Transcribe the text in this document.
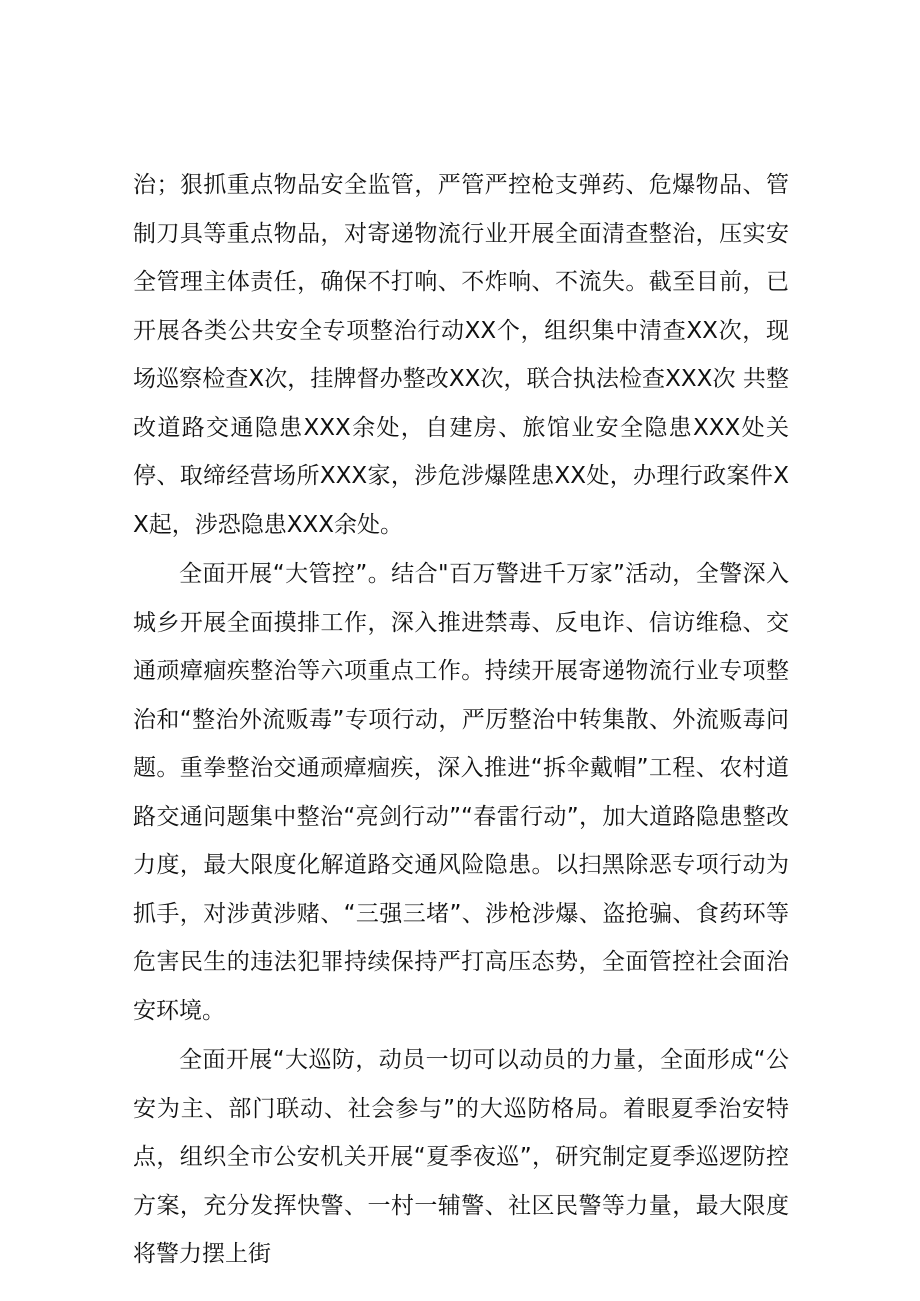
治；狠抓重点物品安全监管，严管严控枪支弹药、危爆物品、管制刀具等重点物品，对寄递物流行业开展全面清查整治，压实安全管理主体责任，确保不打响、不炸响、不流失。截至目前，已开展各类公共安全专项整治行动XX个，组织集中清查XX次，现场巡察检查X次，挂牌督办整改XX次，联合执法检查XXX次 共整改道路交通隐患XXX余处，自建房、旅馆业安全隐患XXX处关停、取缔经营场所XXX家，涉危涉爆陞患XX处，办理行政案件XX起，涉恐隐患XXX余处。

全面开展“大管控”。结合"百万警进千万家”活动，全警深入城乡开展全面摸排工作，深入推进禁毒、反电诈、信访维稳、交通顽瘴痼疾整治等六项重点工作。持续开展寄递物流行业专项整治和“整治外流贩毒”专项行动，严厉整治中转集散、外流贩毒问题。重拳整治交通顽瘴痼疾，深入推进“拆伞戴帽”工程、农村道路交通问题集中整治“亮剑行动”“春雷行动”，加大道路隐患整改力度，最大限度化解道路交通风险隐患。以扫黑除恶专项行动为抓手，对涉黄涉赌、“三强三堵”、涉枪涉爆、盗抢骗、食药环等危害民生的违法犯罪持续保持严打高压态势，全面管控社会面治安环境。

全面开展“大巡防，动员一切可以动员的力量，全面形成“公安为主、部门联动、社会参与”的大巡防格局。着眼夏季治安特点，组织全市公安机关开展“夏季夜巡”，研究制定夏季巡逻防控方案，充分发挥快警、一村一辅警、社区民警等力量，最大限度将警力摆上街
